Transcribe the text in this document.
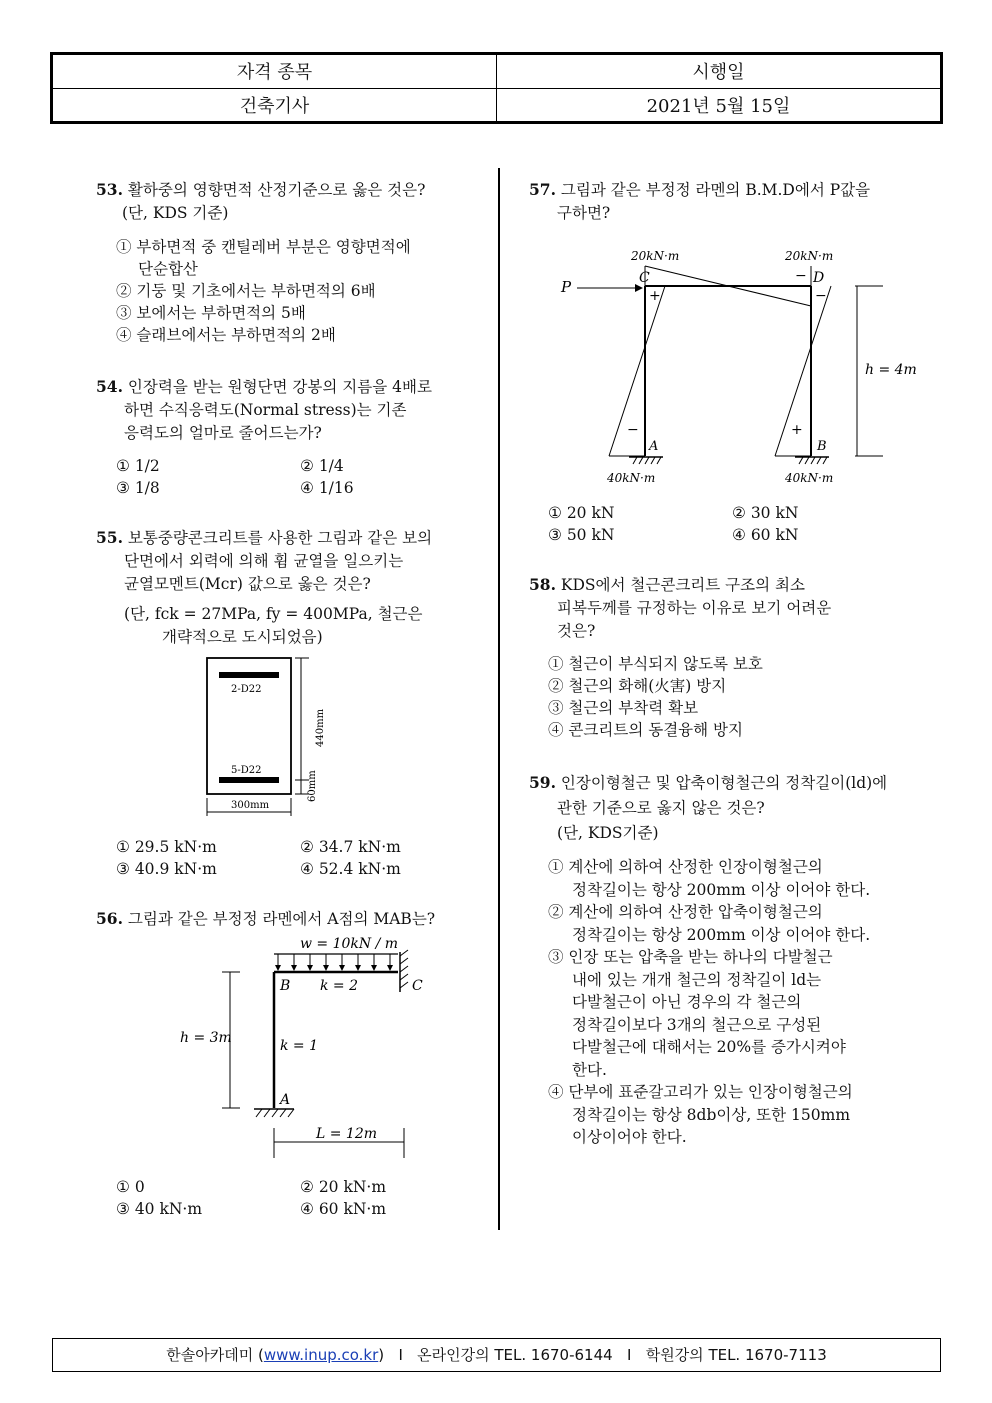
자격 종목	시행일
건축기사	2021년 5월 15일
53. 활하중의 영향면적 산정기준으로 옳은 것은?
(단, KDS 기준)
① 부하면적 중 캔틸레버 부분은 영향면적에
단순합산
② 기둥 및 기초에서는 부하면적의 6배
③ 보에서는 부하면적의 5배
④ 슬래브에서는 부하면적의 2배
54. 인장력을 받는 원형단면 강봉의 지름을 4배로
하면 수직응력도(Normal stress)는 기존
응력도의 얼마로 줄어드는가?
① 1/2	② 1/4
③ 1/8	④ 1/16
55. 보통중량콘크리트를 사용한 그림과 같은 보의
단면에서 외력에 의해 휨 균열을 일으키는
균열모멘트(Mcr) 값으로 옳은 것은?
(단, fck = 27MPa, fy = 400MPa, 철근은
개략적으로 도시되었음)
2-D22
5-D22
440mm
60mm
300mm
① 29.5 kN·m	② 34.7 kN·m
③ 40.9 kN·m	④ 52.4 kN·m
56. 그림과 같은 부정정 라멘에서 A점의 MAB는?
w = 10kN / m
B k = 2	C
k = 1
A
h = 3m
L = 12m
① 0	② 20 kN·m
③ 40 kN·m	④ 60 kN·m
57. 그림과 같은 부정정 라멘의 B.M.D에서 P값을
구하면?
20kN·m	20kN·m
P	C	D
+
−
−
−	+
A	B
40kN·m	40kN·m
h = 4m
① 20 kN	② 30 kN
③ 50 kN	④ 60 kN
58. KDS에서 철근콘크리트 구조의 최소
피복두께를 규정하는 이유로 보기 어려운
것은?
① 철근이 부식되지 않도록 보호
② 철근의 화해(火害) 방지
③ 철근의 부착력 확보
④ 콘크리트의 동결융해 방지
59. 인장이형철근 및 압축이형철근의 정착길이(ld)에
관한 기준으로 옳지 않은 것은?
(단, KDS기준)
① 계산에 의하여 산정한 인장이형철근의
정착길이는 항상 200mm 이상 이어야 한다.
② 계산에 의하여 산정한 압축이형철근의
정착길이는 항상 200mm 이상 이어야 한다.
③ 인장 또는 압축을 받는 하나의 다발철근
내에 있는 개개 철근의 정착길이 ld는
다발철근이 아닌 경우의 각 철근의
정착길이보다 3개의 철근으로 구성된
다발철근에 대해서는 20%를 증가시켜야
한다.
④ 단부에 표준갈고리가 있는 인장이형철근의
정착길이는 항상 8db이상, 또한 150mm
이상이어야 한다.
한솔아카데미 (www.inup.co.kr)   I   온라인강의 TEL. 1670-6144   I   학원강의 TEL. 1670-7113
